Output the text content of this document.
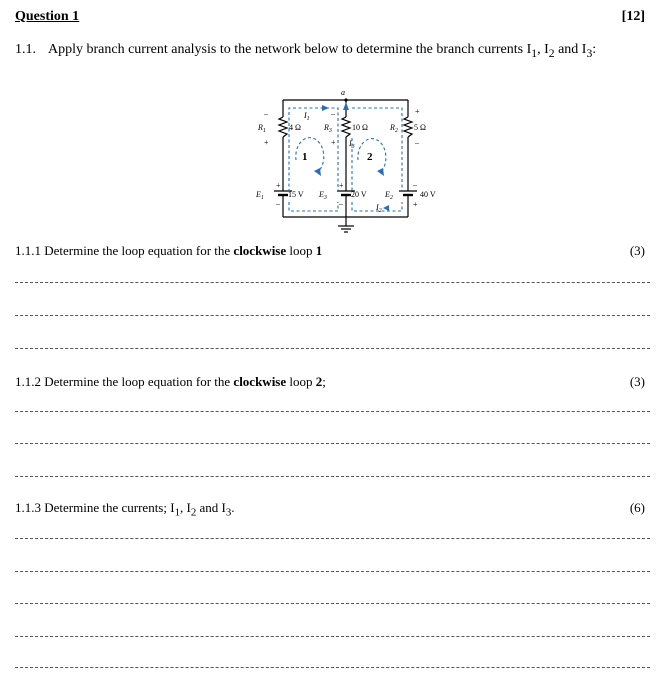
Question 1	[12]
1.1. Apply branch current analysis to the network below to determine the branch currents $I_1$, $I_2$ and $I_3$:
a
–
+
–
+
+
–
+
–
+
–
–
+
$R_1$	4 Ω	$R_3$	10 Ω	$R_2$ 5 Ω
$E_1$	15 V $E_3$	20 V $E_2$	40 V
$I_1$
$I_3$
$I_2$
1	2
1.1.1 Determine the loop equation for the clockwise loop 1	(3)
1.1.2 Determine the loop equation for the clockwise loop 2;	(3)
1.1.3 Determine the currents; $I_1$, $I_2$ and $I_3$.	(6)
